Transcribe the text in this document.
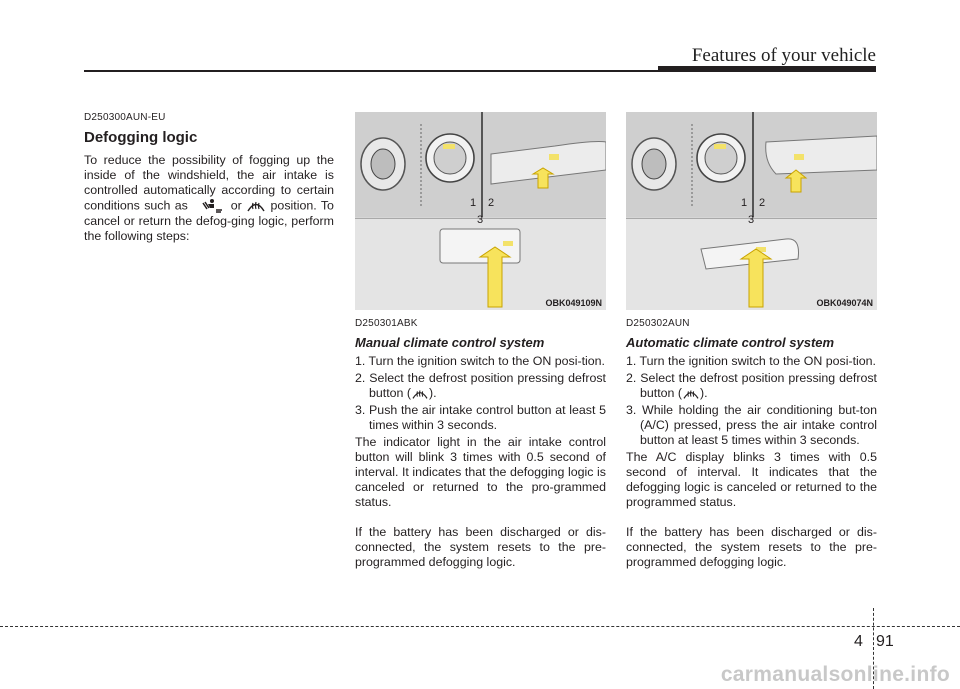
Features of your vehicle
D250300AUN-EU
Defogging logic

To reduce the possibility of fogging up the inside of the windshield, the air intake is controlled automatically according to certain conditions such as	or position. To cancel or return the defog-ging logic, perform the following steps:

1 2
3
OBK049109N
D250301ABK
Manual climate control system
1. Turn the ignition switch to the ON posi-tion.
2. Select the defrost position pressing defrost button ( ).
3. Push the air intake control button at least 5 times within 3 seconds.

The indicator light in the air intake control button will blink 3 times with 0.5 second of interval. It indicates that the defogging logic is canceled or returned to the pro-grammed status.

If the battery has been discharged or dis-connected, the system resets to the pre-programmed defogging logic.

1 2
3
OBK049074N
D250302AUN
Automatic climate control system
1. Turn the ignition switch to the ON posi-tion.
2. Select the defrost position pressing defrost button ( ).
3. While holding the air conditioning but-ton (A/C) pressed, press the air intake control button at least 5 times within 3 seconds.

The A/C display blinks 3 times with 0.5 second of interval. It indicates that the defogging logic is canceled or returned to the programmed status.

If the battery has been discharged or dis-connected, the system resets to the pre-programmed defogging logic.

4 91
carmanualsonline.info
